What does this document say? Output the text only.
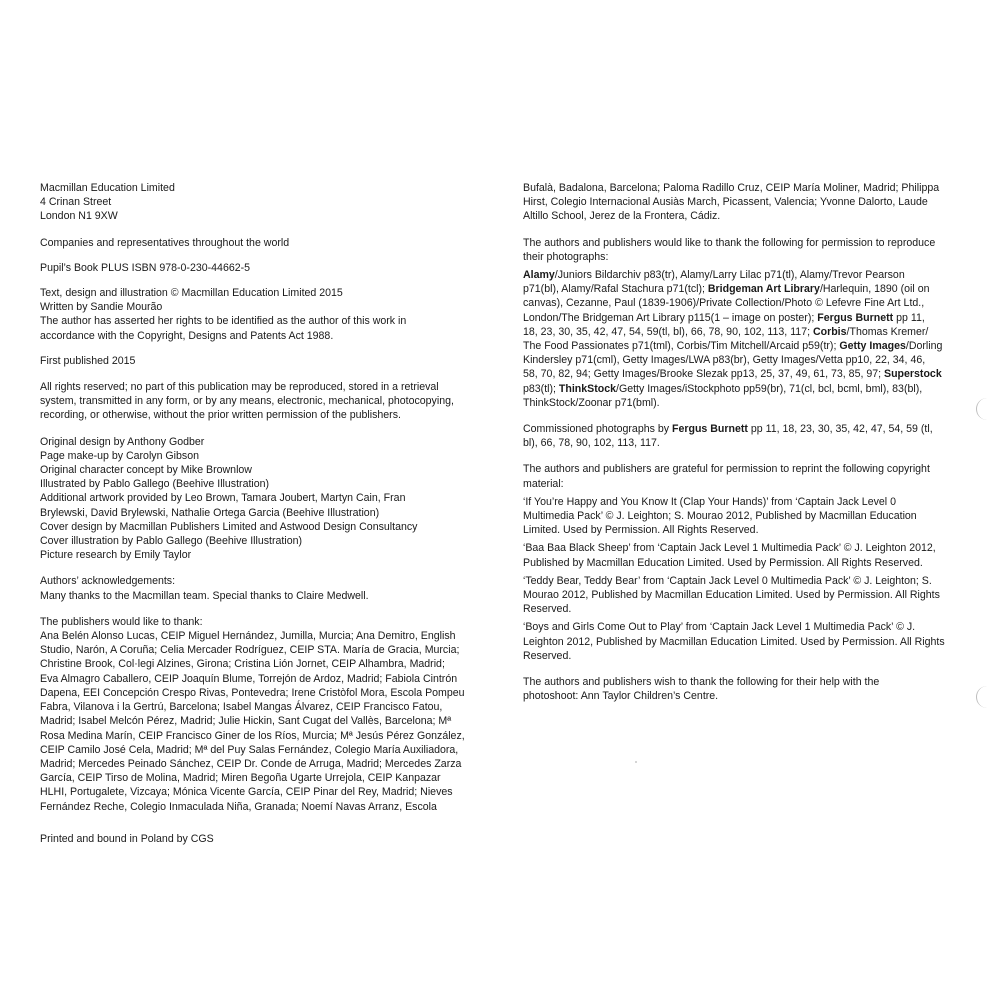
Macmillan Education Limited
4 Crinan Street
London N1 9XW
Companies and representatives throughout the world
Pupil’s Book PLUS ISBN 978-0-230-44662-5
Text, design and illustration © Macmillan Education Limited 2015
Written by Sandie Mourão
The author has asserted her rights to be identified as the author of this work in
accordance with the Copyright, Designs and Patents Act 1988.
First published 2015
All rights reserved; no part of this publication may be reproduced, stored in a retrieval
system, transmitted in any form, or by any means, electronic, mechanical, photocopying,
recording, or otherwise, without the prior written permission of the publishers.
Original design by Anthony Godber
Page make-up by Carolyn Gibson
Original character concept by Mike Brownlow
Illustrated by Pablo Gallego (Beehive Illustration)
Additional artwork provided by Leo Brown, Tamara Joubert, Martyn Cain, Fran
Brylewski, David Brylewski, Nathalie Ortega Garcia (Beehive Illustration)
Cover design by Macmillan Publishers Limited and Astwood Design Consultancy
Cover illustration by Pablo Gallego (Beehive Illustration)
Picture research by Emily Taylor
Authors’ acknowledgements:
Many thanks to the Macmillan team. Special thanks to Claire Medwell.
The publishers would like to thank:
Ana Belén Alonso Lucas, CEIP Miguel Hernández, Jumilla, Murcia; Ana Demitro, English
Studio, Narón, A Coruña; Celia Mercader Rodríguez, CEIP STA. María de Gracia, Murcia;
Christine Brook, Col·legi Alzines, Girona; Cristina Lión Jornet, CEIP Alhambra, Madrid;
Eva Almagro Caballero, CEIP Joaquín Blume, Torrejón de Ardoz, Madrid; Fabiola Cintrón
Dapena, EEI Concepción Crespo Rivas, Pontevedra; Irene Cristòfol Mora, Escola Pompeu
Fabra, Vilanova i la Gertrú, Barcelona; Isabel Mangas Álvarez, CEIP Francisco Fatou,
Madrid; Isabel Melcón Pérez, Madrid; Julie Hickin, Sant Cugat del Vallès, Barcelona; Mª
Rosa Medina Marín, CEIP Francisco Giner de los Ríos, Murcia; Mª Jesús Pérez González,
CEIP Camilo José Cela, Madrid; Mª del Puy Salas Fernández, Colegio María Auxiliadora,
Madrid; Mercedes Peinado Sánchez, CEIP Dr. Conde de Arruga, Madrid; Mercedes Zarza
García, CEIP Tirso de Molina, Madrid; Miren Begoña Ugarte Urrejola, CEIP Kanpazar
HLHI, Portugalete, Vizcaya; Mónica Vicente García, CEIP Pinar del Rey, Madrid; Nieves
Fernández Reche, Colegio Inmaculada Niña, Granada; Noemí Navas Arranz, Escola
Printed and bound in Poland by CGS
Bufalà, Badalona, Barcelona; Paloma Radillo Cruz, CEIP María Moliner, Madrid; Philippa
Hirst, Colegio Internacional Ausiàs March, Picassent, Valencia; Yvonne Dalorto, Laude
Altillo School, Jerez de la Frontera, Cádiz.
The authors and publishers would like to thank the following for permission to reproduce
their photographs:
Alamy/Juniors Bildarchiv p83(tr), Alamy/Larry Lilac p71(tl), Alamy/Trevor Pearson
p71(bl), Alamy/Rafal Stachura p71(tcl); Bridgeman Art Library/Harlequin, 1890 (oil on
canvas), Cezanne, Paul (1839-1906)/Private Collection/Photo © Lefevre Fine Art Ltd.,
London/The Bridgeman Art Library p115(1 – image on poster); Fergus Burnett pp 11,
18, 23, 30, 35, 42, 47, 54, 59(tl, bl), 66, 78, 90, 102, 113, 117; Corbis/Thomas Kremer/
The Food Passionates p71(tml), Corbis/Tim Mitchell/Arcaid p59(tr); Getty Images/Dorling
Kindersley p71(cml), Getty Images/LWA p83(br), Getty Images/Vetta pp10, 22, 34, 46,
58, 70, 82, 94; Getty Images/Brooke Slezak pp13, 25, 37, 49, 61, 73, 85, 97; Superstock
p83(tl); ThinkStock/Getty Images/iStockphoto pp59(br), 71(cl, bcl, bcml, bml), 83(bl),
ThinkStock/Zoonar p71(bml).
Commissioned photographs by Fergus Burnett pp 11, 18, 23, 30, 35, 42, 47, 54, 59 (tl,
bl), 66, 78, 90, 102, 113, 117.
The authors and publishers are grateful for permission to reprint the following copyright
material:
‘If You’re Happy and You Know It (Clap Your Hands)’ from ‘Captain Jack Level 0
Multimedia Pack’ © J. Leighton; S. Mourao 2012, Published by Macmillan Education
Limited. Used by Permission. All Rights Reserved.
‘Baa Baa Black Sheep’ from ‘Captain Jack Level 1 Multimedia Pack’ © J. Leighton 2012,
Published by Macmillan Education Limited. Used by Permission. All Rights Reserved.
‘Teddy Bear, Teddy Bear’ from ‘Captain Jack Level 0 Multimedia Pack’ © J. Leighton; S.
Mourao 2012, Published by Macmillan Education Limited. Used by Permission. All Rights
Reserved.
‘Boys and Girls Come Out to Play’ from ‘Captain Jack Level 1 Multimedia Pack’ © J.
Leighton 2012, Published by Macmillan Education Limited. Used by Permission. All Rights
Reserved.
The authors and publishers wish to thank the following for their help with the
photoshoot: Ann Taylor Children’s Centre.
